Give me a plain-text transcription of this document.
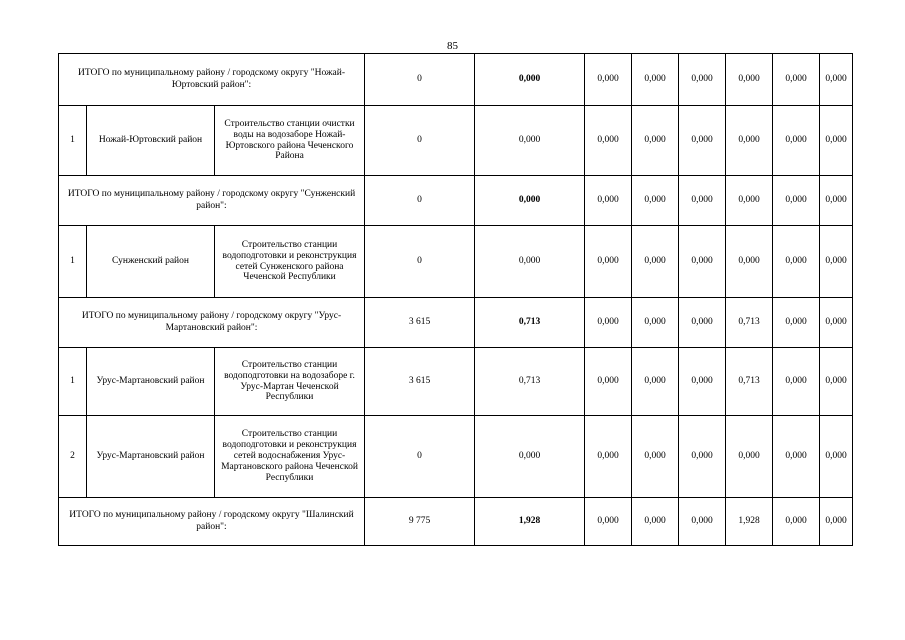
85
ИТОГО по муниципальному району / городскому округу "Ножай-Юртовский район":			0	0,000	0,000	0,000	0,000	0,000	0,000	0,000
1	Ножай-Юртовский район	Строительство станции очистки воды на водозаборе Ножай-Юртовского района Чеченского Района	0	0,000	0,000	0,000	0,000	0,000	0,000	0,000
ИТОГО по муниципальному району / городскому округу "Сунженский район":			0	0,000	0,000	0,000	0,000	0,000	0,000	0,000
1	Сунженский район	Строительство станции водоподготовки и реконструкция сетей Сунженского района Чеченской Республики	0	0,000	0,000	0,000	0,000	0,000	0,000	0,000
ИТОГО по муниципальному району / городскому округу "Урус-Мартановский район":			3 615	0,713	0,000	0,000	0,000	0,713	0,000	0,000
1	Урус-Мартановский район	Строительство станции водоподготовки на водозаборе г. Урус-Мартан Чеченской Республики	3 615	0,713	0,000	0,000	0,000	0,713	0,000	0,000
2	Урус-Мартановский район	Строительство станции водоподготовки и реконструкция сетей водоснабжения Урус-Мартановского района Чеченской Республики	0	0,000	0,000	0,000	0,000	0,000	0,000	0,000
ИТОГО по муниципальному району / городскому округу "Шалинский район":			9 775	1,928	0,000	0,000	0,000	1,928	0,000	0,000
